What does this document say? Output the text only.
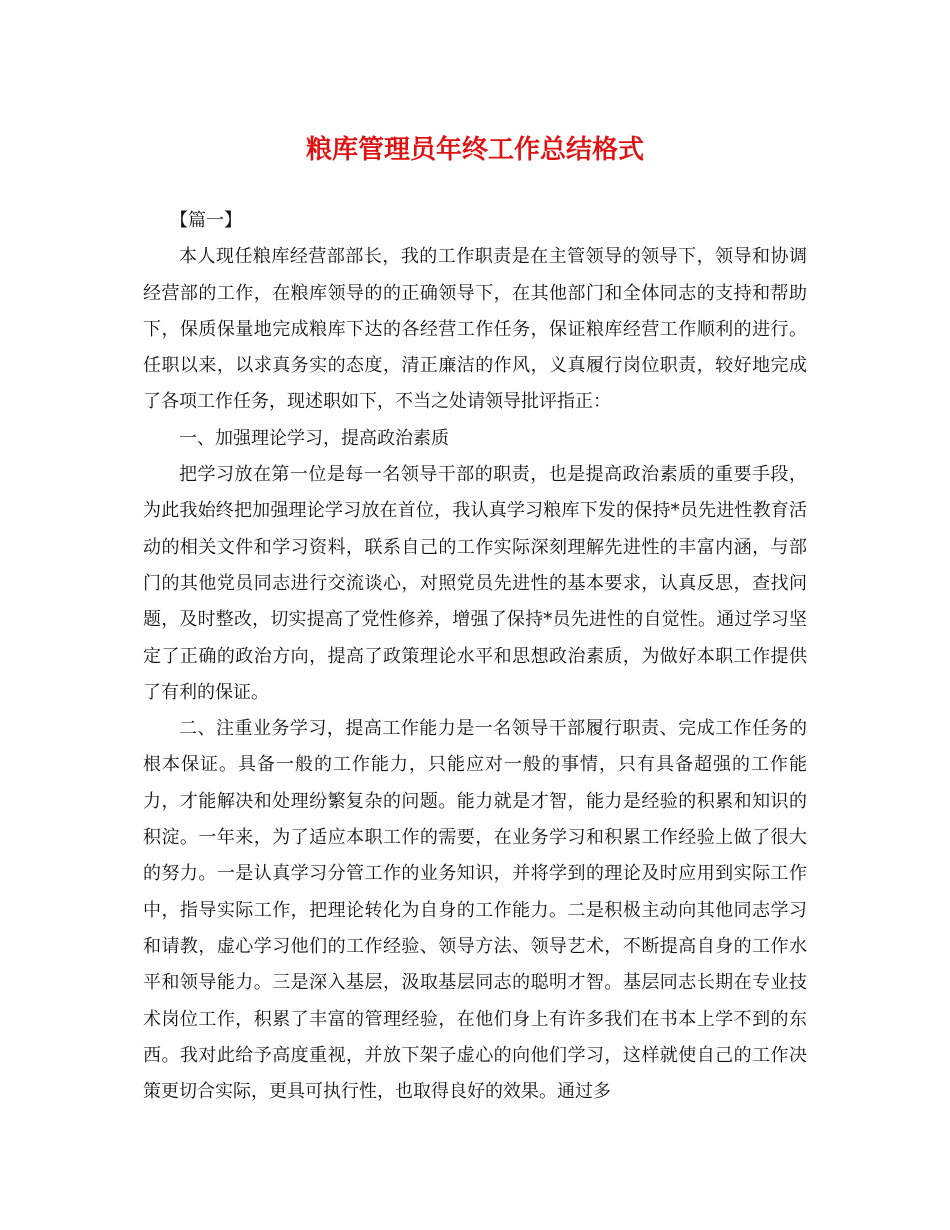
粮库管理员年终工作总结格式

【篇一】

本人现任粮库经营部部长，我的工作职责是在主管领导的领导下，领导和协调经营部的工作，在粮库领导的的正确领导下，在其他部门和全体同志的支持和帮助下，保质保量地完成粮库下达的各经营工作任务，保证粮库经营工作顺利的进行。任职以来，以求真务实的态度，清正廉洁的作风，义真履行岗位职责，较好地完成了各项工作任务，现述职如下，不当之处请领导批评指正：

一、加强理论学习，提高政治素质

把学习放在第一位是每一名领导干部的职责，也是提高政治素质的重要手段，为此我始终把加强理论学习放在首位，我认真学习粮库下发的保持*员先进性教育活动的相关文件和学习资料，联系自己的工作实际深刻理解先进性的丰富内涵，与部门的其他党员同志进行交流谈心，对照党员先进性的基本要求，认真反思，查找问题，及时整改，切实提高了党性修养，增强了保持*员先进性的自觉性。通过学习坚定了正确的政治方向，提高了政策理论水平和思想政治素质，为做好本职工作提供了有利的保证。

二、注重业务学习，提高工作能力是一名领导干部履行职责、完成工作任务的根本保证。具备一般的工作能力，只能应对一般的事情，只有具备超强的工作能力，才能解决和处理纷繁复杂的问题。能力就是才智，能力是经验的积累和知识的积淀。一年来，为了适应本职工作的需要，在业务学习和积累工作经验上做了很大的努力。一是认真学习分管工作的业务知识，并将学到的理论及时应用到实际工作中，指导实际工作，把理论转化为自身的工作能力。二是积极主动向其他同志学习和请教，虚心学习他们的工作经验、领导方法、领导艺术，不断提高自身的工作水平和领导能力。三是深入基层，汲取基层同志的聪明才智。基层同志长期在专业技术岗位工作，积累了丰富的管理经验，在他们身上有许多我们在书本上学不到的东西。我对此给予高度重视，并放下架子虚心的向他们学习，这样就使自己的工作决策更切合实际，更具可执行性，也取得良好的效果。通过多
